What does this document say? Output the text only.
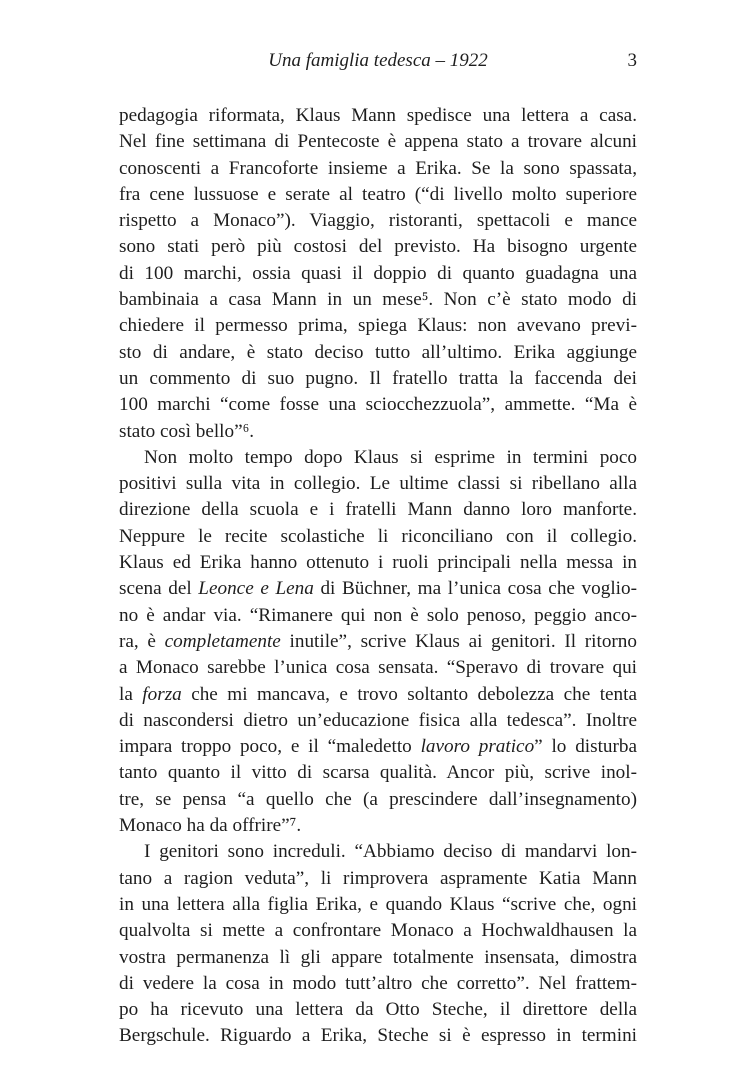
Una famiglia tedesca – 1922	3
pedagogia riformata, Klaus Mann spedisce una lettera a casa.
Nel fine settimana di Pentecoste è appena stato a trovare alcuni
conoscenti a Francoforte insieme a Erika. Se la sono spassata,
fra cene lussuose e serate al teatro (“di livello molto superiore
rispetto a Monaco”). Viaggio, ristoranti, spettacoli e mance
sono stati però più costosi del previsto. Ha bisogno urgente
di 100 marchi, ossia quasi il doppio di quanto guadagna una
bambinaia a casa Mann in un mese⁵. Non c’è stato modo di
chiedere il permesso prima, spiega Klaus: non avevano previ-
sto di andare, è stato deciso tutto all’ultimo. Erika aggiunge
un commento di suo pugno. Il fratello tratta la faccenda dei
100 marchi “come fosse una sciocchezzuola”, ammette. “Ma è
stato così bello”⁶.
Non molto tempo dopo Klaus si esprime in termini poco
positivi sulla vita in collegio. Le ultime classi si ribellano alla
direzione della scuola e i fratelli Mann danno loro manforte.
Neppure le recite scolastiche li riconciliano con il collegio.
Klaus ed Erika hanno ottenuto i ruoli principali nella messa in
scena del Leonce e Lena di Büchner, ma l’unica cosa che voglio-
no è andar via. “Rimanere qui non è solo penoso, peggio anco-
ra, è completamente inutile”, scrive Klaus ai genitori. Il ritorno
a Monaco sarebbe l’unica cosa sensata. “Speravo di trovare qui
la forza che mi mancava, e trovo soltanto debolezza che tenta
di nascondersi dietro un’educazione fisica alla tedesca”. Inoltre
impara troppo poco, e il “maledetto lavoro pratico” lo disturba
tanto quanto il vitto di scarsa qualità. Ancor più, scrive inol-
tre, se pensa “a quello che (a prescindere dall’insegnamento)
Monaco ha da offrire”⁷.
I genitori sono increduli. “Abbiamo deciso di mandarvi lon-
tano a ragion veduta”, li rimprovera aspramente Katia Mann
in una lettera alla figlia Erika, e quando Klaus “scrive che, ogni
qualvolta si mette a confrontare Monaco a Hochwaldhausen la
vostra permanenza lì gli appare totalmente insensata, dimostra
di vedere la cosa in modo tutt’altro che corretto”. Nel frattem-
po ha ricevuto una lettera da Otto Steche, il direttore della
Bergschule. Riguardo a Erika, Steche si è espresso in termini
